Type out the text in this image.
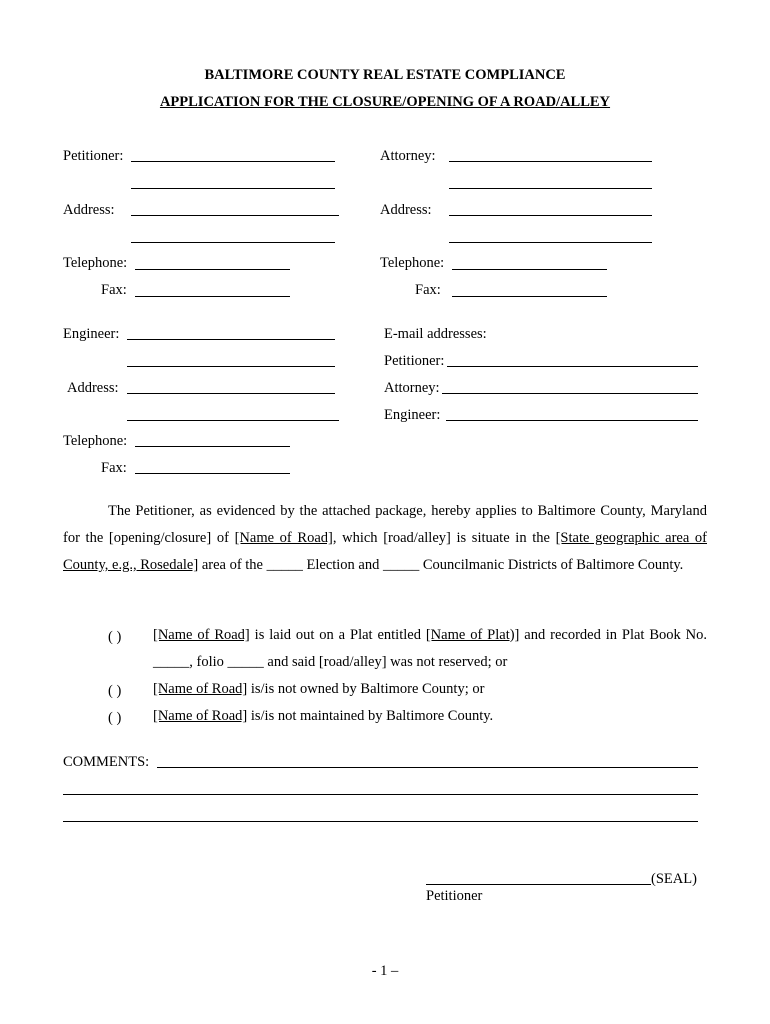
BALTIMORE COUNTY REAL ESTATE COMPLIANCE
APPLICATION FOR THE CLOSURE/OPENING OF A ROAD/ALLEY
Petitioner:
Address:
Telephone:
Fax:
Attorney:
Address:
Telephone:
Fax:
Engineer:
Address:
Telephone:
Fax:
E-mail addresses:
Petitioner:
Attorney:
Engineer:
The Petitioner, as evidenced by the attached package, hereby applies to Baltimore County, Maryland for the [opening/closure] of [Name of Road], which [road/alley] is situate in the [State geographic area of County, e.g., Rosedale] area of the _____ Election and _____ Councilmanic Districts of Baltimore County.
( ) [Name of Road] is laid out on a Plat entitled [Name of Plat)] and recorded in Plat Book No. _____, folio _____ and said [road/alley] was not reserved; or
( ) [Name of Road] is/is not owned by Baltimore County; or
( ) [Name of Road] is/is not maintained by Baltimore County.
COMMENTS:
(SEAL)
Petitioner
- 1 –
